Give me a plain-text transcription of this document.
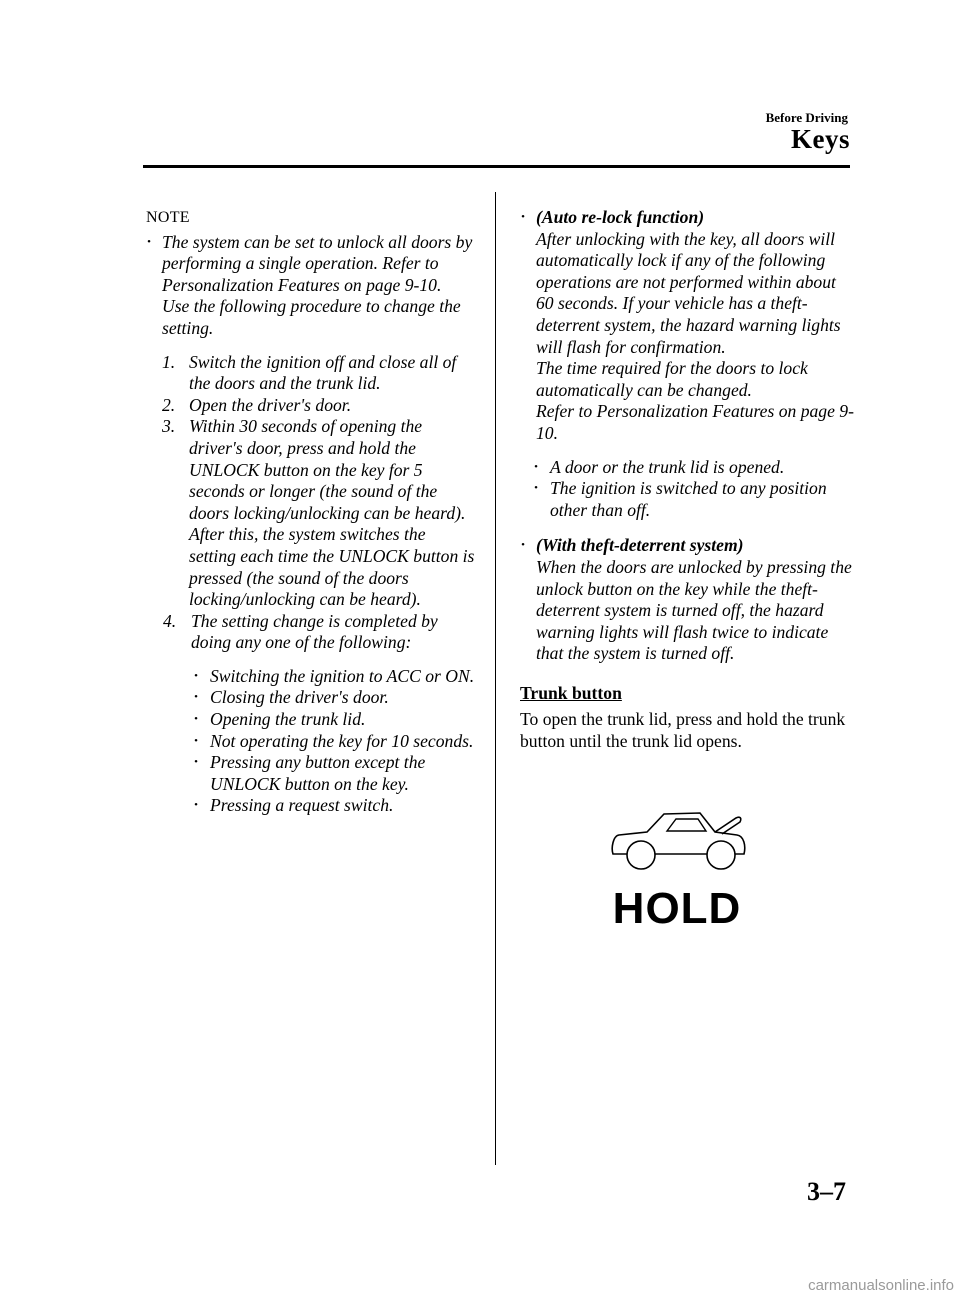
Before Driving
Keys
NOTE
• The system can be set to unlock all doors by performing a single operation. Refer to Personalization Features on page 9-10.
Use the following procedure to change the setting.
1. Switch the ignition off and close all of the doors and the trunk lid.
2. Open the driver's door.
3. Within 30 seconds of opening the driver's door, press and hold the UNLOCK button on the key for 5 seconds or longer (the sound of the doors locking/unlocking can be heard).
After this, the system switches the setting each time the UNLOCK button is pressed (the sound of the doors locking/unlocking can be heard).
4. The setting change is completed by doing any one of the following:
• Switching the ignition to ACC or ON.
• Closing the driver's door.
• Opening the trunk lid.
• Not operating the key for 10 seconds.
• Pressing any button except the UNLOCK button on the key.
• Pressing a request switch.
• (Auto re-lock function)
After unlocking with the key, all doors will automatically lock if any of the following operations are not performed within about 60 seconds. If your vehicle has a theft-deterrent system, the hazard warning lights will flash for confirmation.
The time required for the doors to lock automatically can be changed.
Refer to Personalization Features on page 9-10.
• A door or the trunk lid is opened.
• The ignition is switched to any position other than off.
• (With theft-deterrent system)
When the doors are unlocked by pressing the unlock button on the key while the theft-deterrent system is turned off, the hazard warning lights will flash twice to indicate that the system is turned off.
Trunk button
To open the trunk lid, press and hold the trunk button until the trunk lid opens.
HOLD
3–7
carmanualsonline.info
